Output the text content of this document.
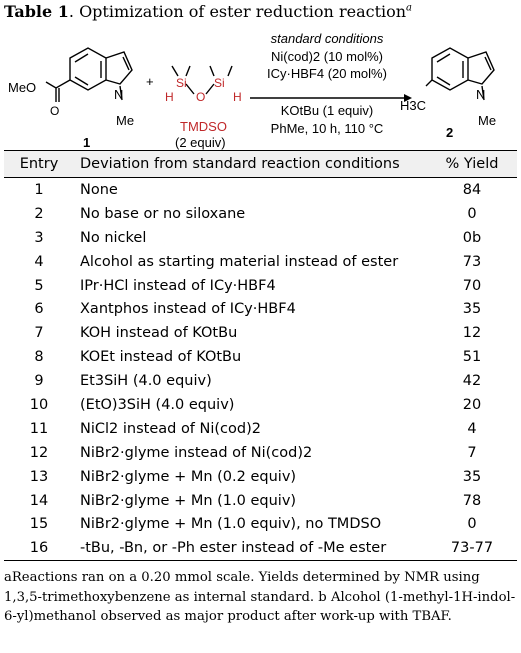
Table 1. Optimization of ester reduction reaction$^a$
MeO
O
N
Me
1
+
H
Si
O
Si
H
TMDSO
(2 equiv)
standard conditions
Ni(cod)2 (10 mol%)
ICy·HBF4 (20 mol%)
KOtBu (1 equiv)
PhMe, 10 h, 110 °C
H3C
N
Me
2
Entry	Deviation from standard reaction conditions	% Yield
1	None	84
2	No base or no siloxane	0
3	No nickel	0b
4	Alcohol as starting material instead of ester	73
5	IPr·HCl instead of ICy·HBF4	70
6	Xantphos instead of ICy·HBF4	35
7	KOH instead of KOtBu	12
8	KOEt instead of KOtBu	51
9	Et3SiH (4.0 equiv)	42
10	(EtO)3SiH (4.0 equiv)	20
11	NiCl2 instead of Ni(cod)2	4
12	NiBr2·glyme instead of Ni(cod)2	7
13	NiBr2·glyme + Mn (0.2 equiv)	35
14	NiBr2·glyme + Mn (1.0 equiv)	78
15	NiBr2·glyme + Mn (1.0 equiv), no TMDSO	0
16	-tBu, -Bn, or -Ph ester instead of -Me ester	73-77
aReactions ran on a 0.20 mmol scale. Yields determined by NMR using 1,3,5-trimethoxybenzene as internal standard. b Alcohol (1-methyl-1H-indol-6-yl)methanol observed as major product after work-up with TBAF.
